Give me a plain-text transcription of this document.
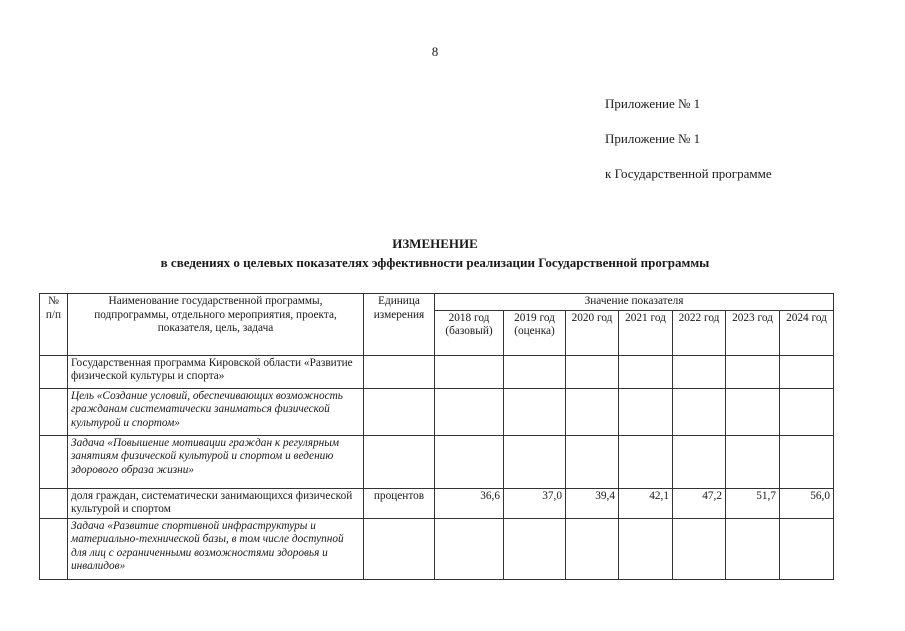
8
Приложение № 1
Приложение № 1
к Государственной программе
ИЗМЕНЕНИЕ
в сведениях о целевых показателях эффективности реализации Государственной программы
№ п/п	Наименование государственной программы, подпрограммы, отдельного мероприятия, проекта, показателя, цель, задача	Единица измерения	Значение показателя						
			2018 год (базовый)	2019 год (оценка)	2020 год	2021 год	2022 год	2023 год	2024 год
	Государственная программа Кировской области «Развитие физической культуры и спорта»								
	Цель «Создание условий, обеспечивающих возможность гражданам систематически заниматься физической культурой и спортом»								
	Задача «Повышение мотивации граждан к регулярным занятиям физической культурой и спортом и ведению здорового образа жизни»								
	доля граждан, систематически занимающихся физической культурой и спортом	процентов	36,6	37,0	39,4	42,1	47,2	51,7	56,0
	Задача «Развитие спортивной инфраструктуры и материально-технической базы, в том числе доступной для лиц с ограниченными возможностями здоровья и инвалидов»								
